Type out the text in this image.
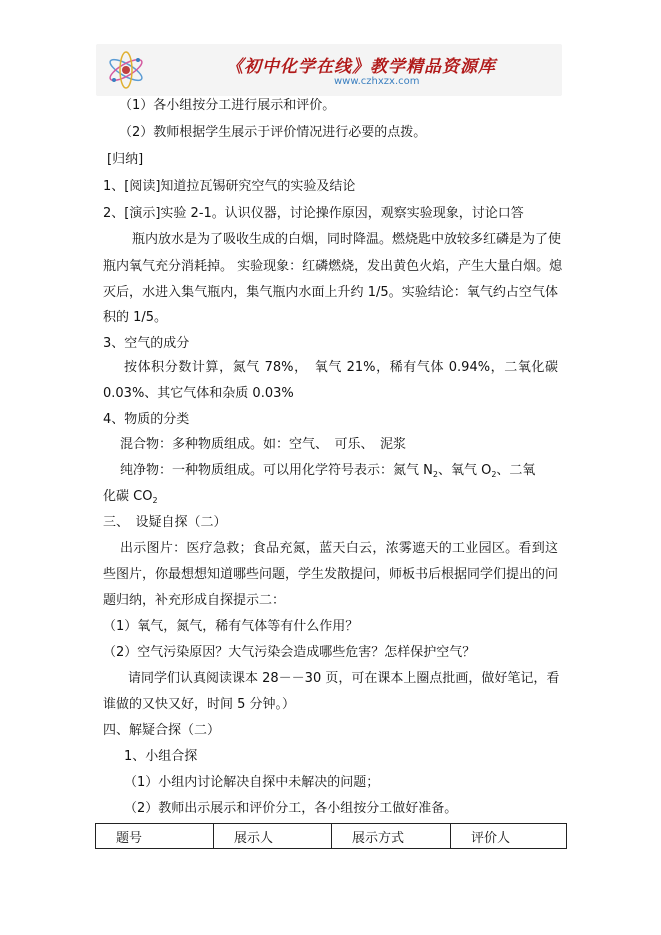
《初中化学在线》教学精品资源库
www.czhxzx.com
（1）各小组按分工进行展示和评价。
（2）教师根据学生展示于评价情况进行必要的点拨。
[归纳]
1、[阅读]知道拉瓦锡研究空气的实验及结论
2、[演示]实验 2-1。认识仪器，讨论操作原因，观察实验现象，讨论口答
瓶内放水是为了吸收生成的白烟，同时降温。燃烧匙中放较多红磷是为了使
瓶内氧气充分消耗掉。 实验现象：红磷燃烧，发出黄色火焰，产生大量白烟。熄
灭后，水进入集气瓶内，集气瓶内水面上升约 1/5。实验结论：氧气约占空气体
积的 1/5。
3、空气的成分
按体积分数计算，氮气 78%，　氧气 21%，稀有气体 0.94%，二氧化碳
0.03%、其它气体和杂质 0.03%
4、物质的分类
混合物：多种物质组成。如：空气、　可乐、　泥浆
纯净物：一种物质组成。可以用化学符号表示：氮气 $N_2$、氧气 $O_2$、二氧
化碳 $CO_2$
三、　设疑自探（二）
出示图片：医疗急救；食品充氮，蓝天白云，浓雾遮天的工业园区。看到这
些图片，你最想想知道哪些问题，学生发散提问，师板书后根据同学们提出的问
题归纳，补充形成自探提示二：
（1）氧气，氮气，稀有气体等有什么作用？
（2）空气污染原因？大气污染会造成哪些危害？怎样保护空气？
请同学们认真阅读课本 28－－30 页，可在课本上圈点批画，做好笔记，看
谁做的又快又好，时间 5 分钟。）
四、解疑合探（二）
1、小组合探
（1）小组内讨论解决自探中未解决的问题；
（2）教师出示展示和评价分工，各小组按分工做好准备。
题号	展示人	展示方式	评价人
